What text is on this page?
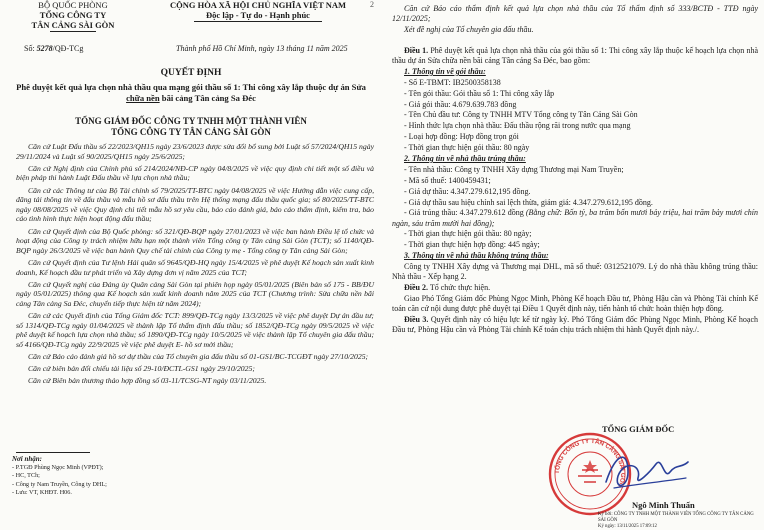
BỘ QUỐC PHÒNG
TỔNG CÔNG TY
TÂN CẢNG SÀI GÒN
CỘNG HÒA XÃ HỘI CHỦ NGHĨA VIỆT NAM
Độc lập - Tự do - Hạnh phúc
Số: 5278/QĐ-TCg	Thành phố Hồ Chí Minh, ngày 13 tháng 11 năm 2025
QUYẾT ĐỊNH
Phê duyệt kết quả lựa chọn nhà thầu qua mạng gói thầu số 1: Thi công xây lắp thuộc dự án Sửa chữa nền bãi cảng Tân cảng Sa Đéc
TỔNG GIÁM ĐỐC CÔNG TY TNHH MỘT THÀNH VIÊN
TỔNG CÔNG TY TÂN CẢNG SÀI GÒN

Căn cứ Luật Đấu thầu số 22/2023/QH15 ngày 23/6/2023 được sửa đổi bổ sung bởi Luật số 57/2024/QH15 ngày 29/11/2024 và Luật số 90/2025/QH15 ngày 25/6/2025;

Căn cứ Nghị định của Chính phủ số 214/2024/NĐ-CP ngày 04/8/2025 về việc quy định chi tiết một số điều và biện pháp thi hành Luật Đấu thầu về lựa chọn nhà thầu;

Căn cứ các Thông tư của Bộ Tài chính số 79/2025/TT-BTC ngày 04/08/2025 về việc Hướng dẫn việc cung cấp, đăng tải thông tin về đấu thầu và mẫu hồ sơ đấu thầu trên Hệ thống mạng đấu thầu quốc gia; số 80/2025/TT-BTC ngày 08/08/2025 về việc Quy định chi tiết mẫu hồ sơ yêu cầu, báo cáo đánh giá, báo cáo thẩm định, kiểm tra, báo cáo tình hình thực hiện hoạt động đấu thầu;

Căn cứ Quyết định của Bộ Quốc phòng: số 321/QĐ-BQP ngày 27/01/2023 về việc ban hành Điều lệ tổ chức và hoạt động của Công ty trách nhiệm hữu hạn một thành viên Tổng công ty Tân cảng Sài Gòn (TCT); số 1140/QĐ-BQP ngày 26/3/2025 về việc ban hành Quy chế tài chính của Công ty mẹ - Tổng công ty Tân cảng Sài Gòn;

Căn cứ Quyết định của Tư lệnh Hải quân số 9645/QĐ-HQ ngày 15/4/2025 về phê duyệt Kế hoạch sản xuất kinh doanh, Kế hoạch đầu tư phát triển và Xây dựng đơn vị năm 2025 của TCT;

Căn cứ Quyết nghị của Đảng ủy Quân cảng Sài Gòn tại phiên họp ngày 05/01/2025 (Biên bản số 175 - BB/ĐU ngày 05/01/2025) thông qua Kế hoạch sản xuất kinh doanh năm 2025 của TCT (Chương trình: Sửa chữa nền bãi cảng Tân cảng Sa Đéc, chuyển tiếp thực hiện từ năm 2024);

Căn cứ các Quyết định của Tổng Giám đốc TCT: 899/QĐ-TCg ngày 13/3/2025 về việc phê duyệt Dự án đầu tư; số 1314/QĐ-TCg ngày 01/04/2025 về thành lập Tổ thẩm định đấu thầu; số 1852/QĐ-TCg ngày 09/5/2025 về việc phê duyệt kế hoạch lựa chọn nhà thầu; số 1890/QĐ-TCg ngày 10/5/2025 về việc thành lập Tổ chuyên gia đấu thầu; số 4166/QĐ-TCg ngày 22/9/2025 về việc phê duyệt E- hồ sơ mời thầu;

Căn cứ Báo cáo đánh giá hồ sơ dự thầu của Tổ chuyên gia đấu thầu số 01-GS1/BC-TCGĐT ngày 27/10/2025;

Căn cứ biên bản đối chiếu tài liệu số 29-10/ĐCTL-GS1 ngày 29/10/2025;

Căn cứ Biên bản thương thảo hợp đồng số 03-11/TCSG-NT ngày 03/11/2025.

2	Căn cứ Báo cáo thẩm định kết quả lựa chọn nhà thầu của Tổ thẩm định số 333/BCTĐ - TTĐ ngày 12/11/2025;

Xét đề nghị của Tổ chuyên gia đấu thầu.

Điều 1. Phê duyệt kết quả lựa chọn nhà thầu của gói thầu số 1: Thi công xây lắp thuộc kế hoạch lựa chọn nhà thầu dự án Sửa chữa nền bãi cảng Tân cảng Sa Đéc, bao gồm:

1. Thông tin về gói thầu:

- Số E-TBMT: IB2500358138

- Tên gói thầu: Gói thầu số 1: Thi công xây lắp

- Giá gói thầu: 4.679.639.783 đồng

- Tên Chủ đầu tư: Công ty TNHH MTV Tổng công ty Tân Cảng Sài Gòn

- Hình thức lựa chọn nhà thầu: Đấu thầu rộng rãi trong nước qua mạng

- Loại hợp đồng: Hợp đồng trọn gói

- Thời gian thực hiện gói thầu: 80 ngày

2. Thông tin về nhà thầu trúng thầu:

- Tên nhà thầu: Công ty TNHH Xây dựng Thương mại Nam Truyền;

- Mã số thuế: 1400459431;

- Giá dự thầu: 4.347.279.612,195 đồng.

- Giá dự thầu sau hiệu chỉnh sai lệch thừa, giảm giá: 4.347.279.612,195 đồng.

- Giá trúng thầu: 4.347.279.612 đồng (Bằng chữ: Bốn tỷ, ba trăm bốn mươi bảy triệu, hai trăm bảy mươi chín ngàn, sáu trăm mười hai đồng);

- Thời gian thực hiện gói thầu: 80 ngày;

- Thời gian thực hiện hợp đồng: 445 ngày;

3. Thông tin về nhà thầu không trúng thầu:

Công ty TNHH Xây dựng và Thương mại DHL, mã số thuế: 0312521079. Lý do nhà thầu không trúng thầu: Nhà thầu - Xếp hạng 2.

Điều 2. Tổ chức thực hiện.

Giao Phó Tổng Giám đốc Phùng Ngọc Minh, Phòng Kế hoạch Đầu tư, Phòng Hậu cần và Phòng Tài chính Kế toán căn cứ nội dung được phê duyệt tại Điều 1 Quyết định này, tiến hành tổ chức hoàn thiện hợp đồng.

Điều 3. Quyết định này có hiệu lực kể từ ngày ký. Phó Tổng Giám đốc Phùng Ngọc Minh, Phòng Kế hoạch Đầu tư, Phòng Hậu cần và Phòng Tài chính Kế toán chịu trách nhiệm thi hành Quyết định này./.

Nơi nhận:
- P.TGĐ Phùng Ngọc Minh (VPĐT);
- HC, TCh;
- Công ty Nam Truyền, Công ty DHL;
- Lưu: VT, KHĐT. H06.
TỔNG GIÁM ĐỐC
TỔNG CÔNG TY TÂN CẢNG SÀI GÒN
Ngô Minh Thuấn
Ký bởi: CÔNG TY TNHH MỘT THÀNH VIÊN TỔNG CÔNG TY TÂN CẢNG SÀI GÒN
Ký ngày: 13/11/2025 17:09:12
